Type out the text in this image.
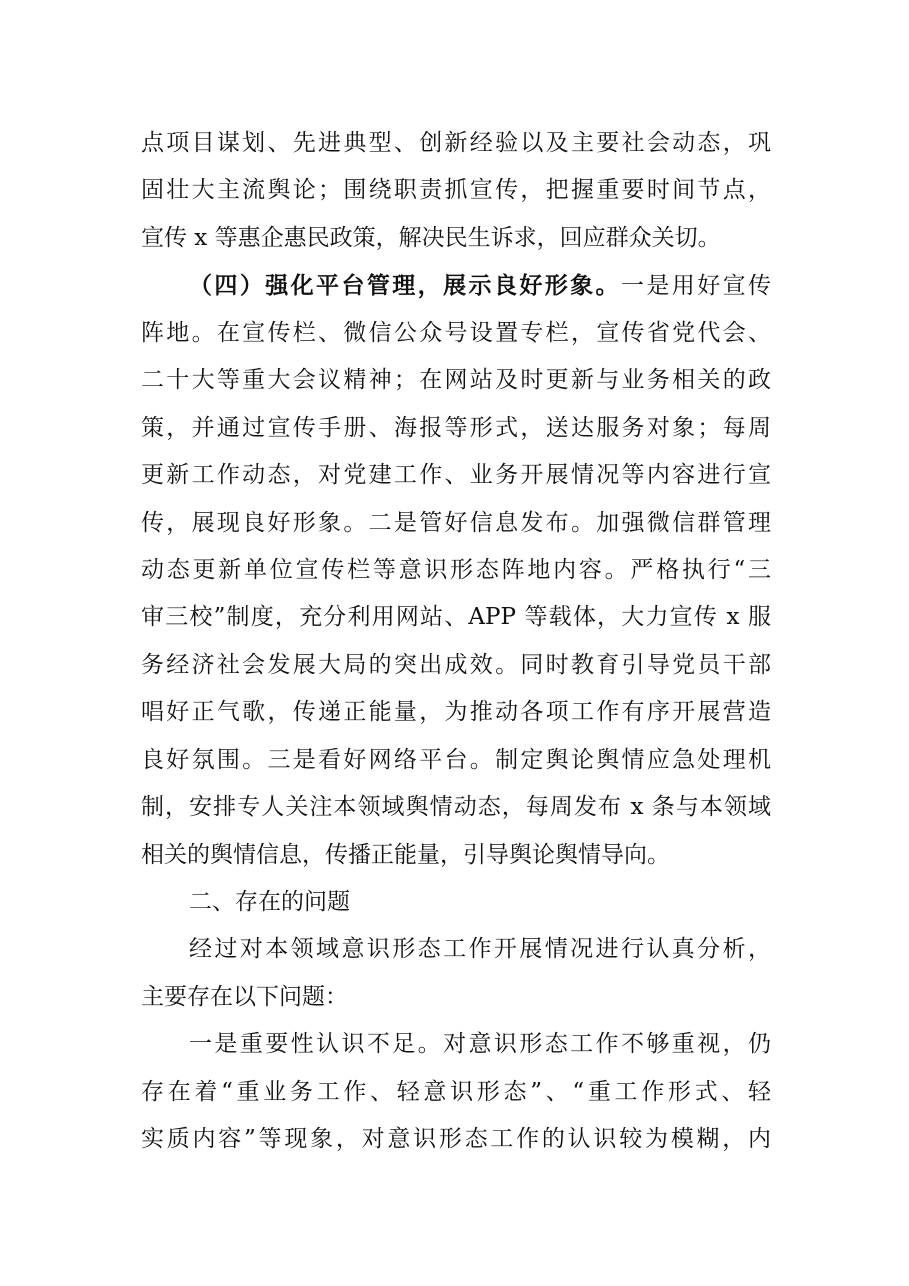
点项目谋划、先进典型、创新经验以及主要社会动态，巩
固壮大主流舆论；围绕职责抓宣传，把握重要时间节点，
宣传 x 等惠企惠民政策，解决民生诉求，回应群众关切。
（四）强化平台管理，展示良好形象。一是用好宣传
阵地。在宣传栏、微信公众号设置专栏，宣传省党代会、
二十大等重大会议精神；在网站及时更新与业务相关的政
策，并通过宣传手册、海报等形式，送达服务对象；每周
更新工作动态，对党建工作、业务开展情况等内容进行宣
传，展现良好形象。二是管好信息发布。加强微信群管理
动态更新单位宣传栏等意识形态阵地内容。严格执行“三
审三校”制度，充分利用网站、APP 等载体，大力宣传 x 服
务经济社会发展大局的突出成效。同时教育引导党员干部
唱好正气歌，传递正能量，为推动各项工作有序开展营造
良好氛围。三是看好网络平台。制定舆论舆情应急处理机
制，安排专人关注本领域舆情动态，每周发布 x 条与本领域
相关的舆情信息，传播正能量，引导舆论舆情导向。
二、存在的问题
经过对本领域意识形态工作开展情况进行认真分析，
主要存在以下问题：
一是重要性认识不足。对意识形态工作不够重视，仍
存在着“重业务工作、轻意识形态”、“重工作形式、轻
实质内容”等现象，对意识形态工作的认识较为模糊，内
